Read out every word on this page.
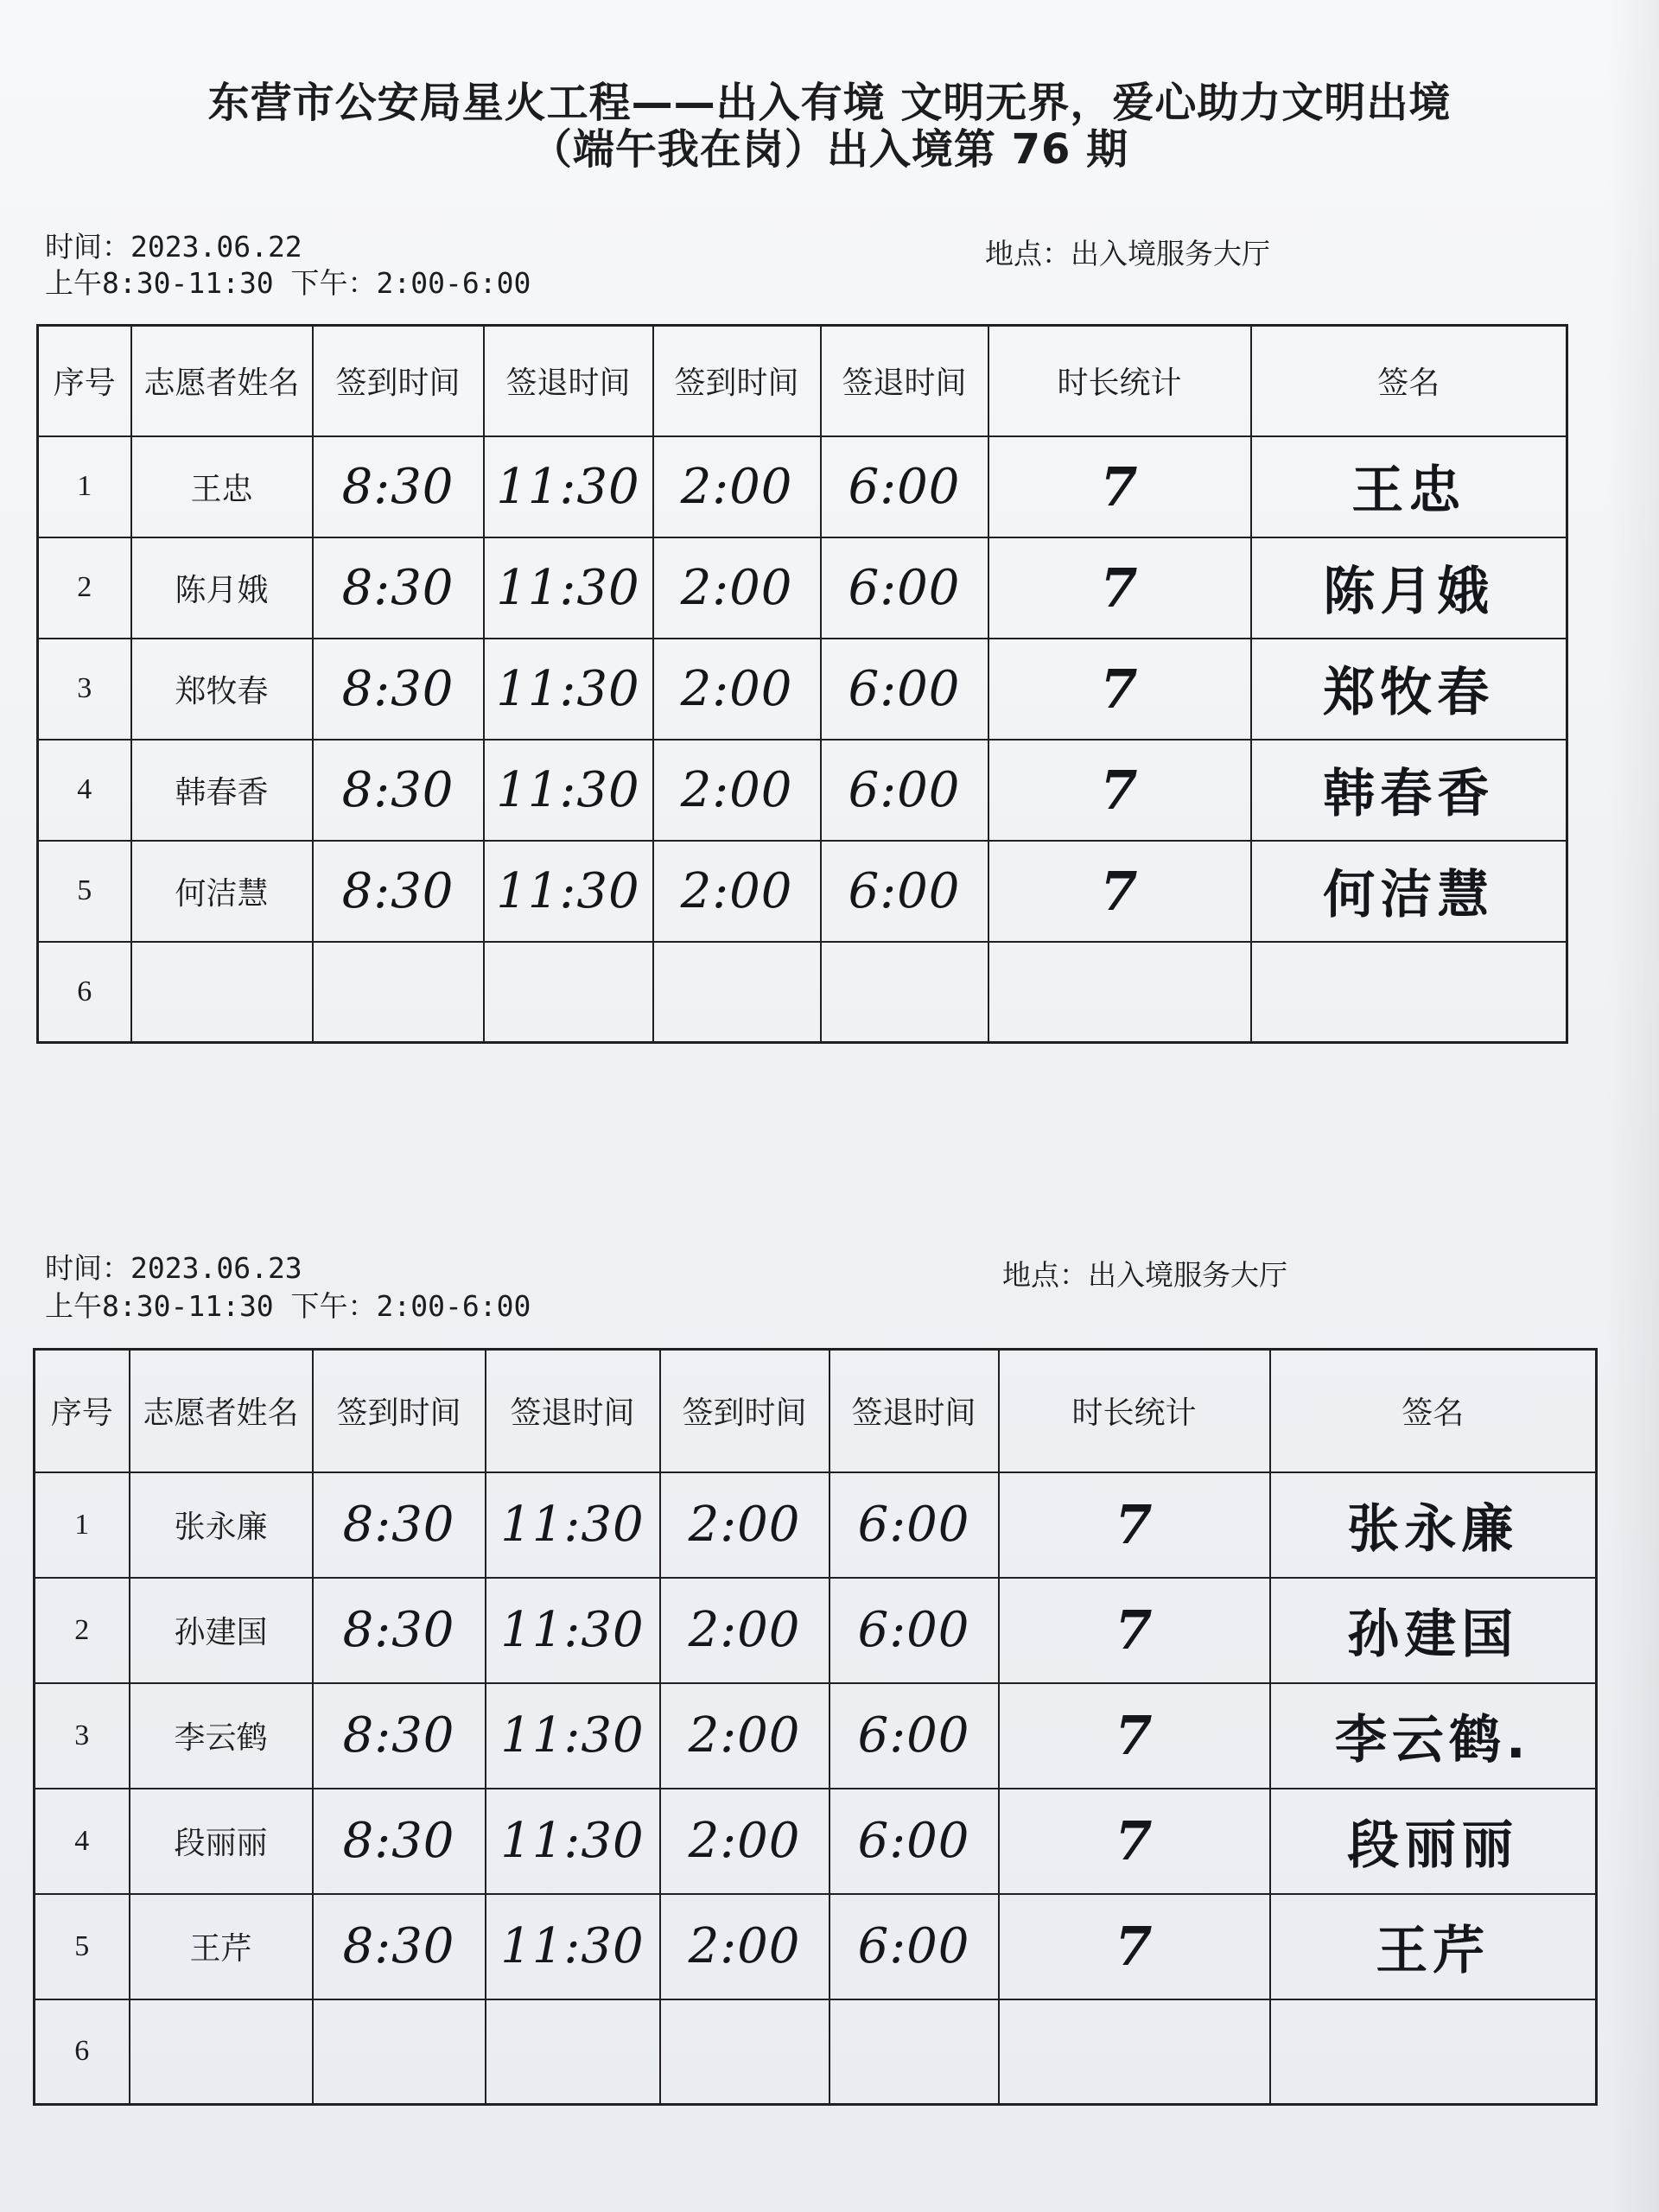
东营市公安局星火工程——出入有境 文明无界，爱心助力文明出境
（端午我在岗）出入境第 76 期
时间：2023.06.22
上午8:30-11:30 下午：2:00-6:00
地点：出入境服务大厅
序号	志愿者姓名	签到时间	签退时间	签到时间	签退时间	时长统计	签名
1	王忠	8:30	11:30	2:00	6:00	7	王忠
2	陈月娥	8:30	11:30	2:00	6:00	7	陈月娥
3	郑牧春	8:30	11:30	2:00	6:00	7	郑牧春
4	韩春香	8:30	11:30	2:00	6:00	7	韩春香
5	何洁慧	8:30	11:30	2:00	6:00	7	何洁慧
6							
时间：2023.06.23
上午8:30-11:30 下午：2:00-6:00
地点：出入境服务大厅
序号	志愿者姓名	签到时间	签退时间	签到时间	签退时间	时长统计	签名
1	张永廉	8:30	11:30	2:00	6:00	7	张永廉
2	孙建国	8:30	11:30	2:00	6:00	7	孙建国
3	李云鹤	8:30	11:30	2:00	6:00	7	李云鹤.
4	段丽丽	8:30	11:30	2:00	6:00	7	段丽丽
5	王芹	8:30	11:30	2:00	6:00	7	王芹
6							
